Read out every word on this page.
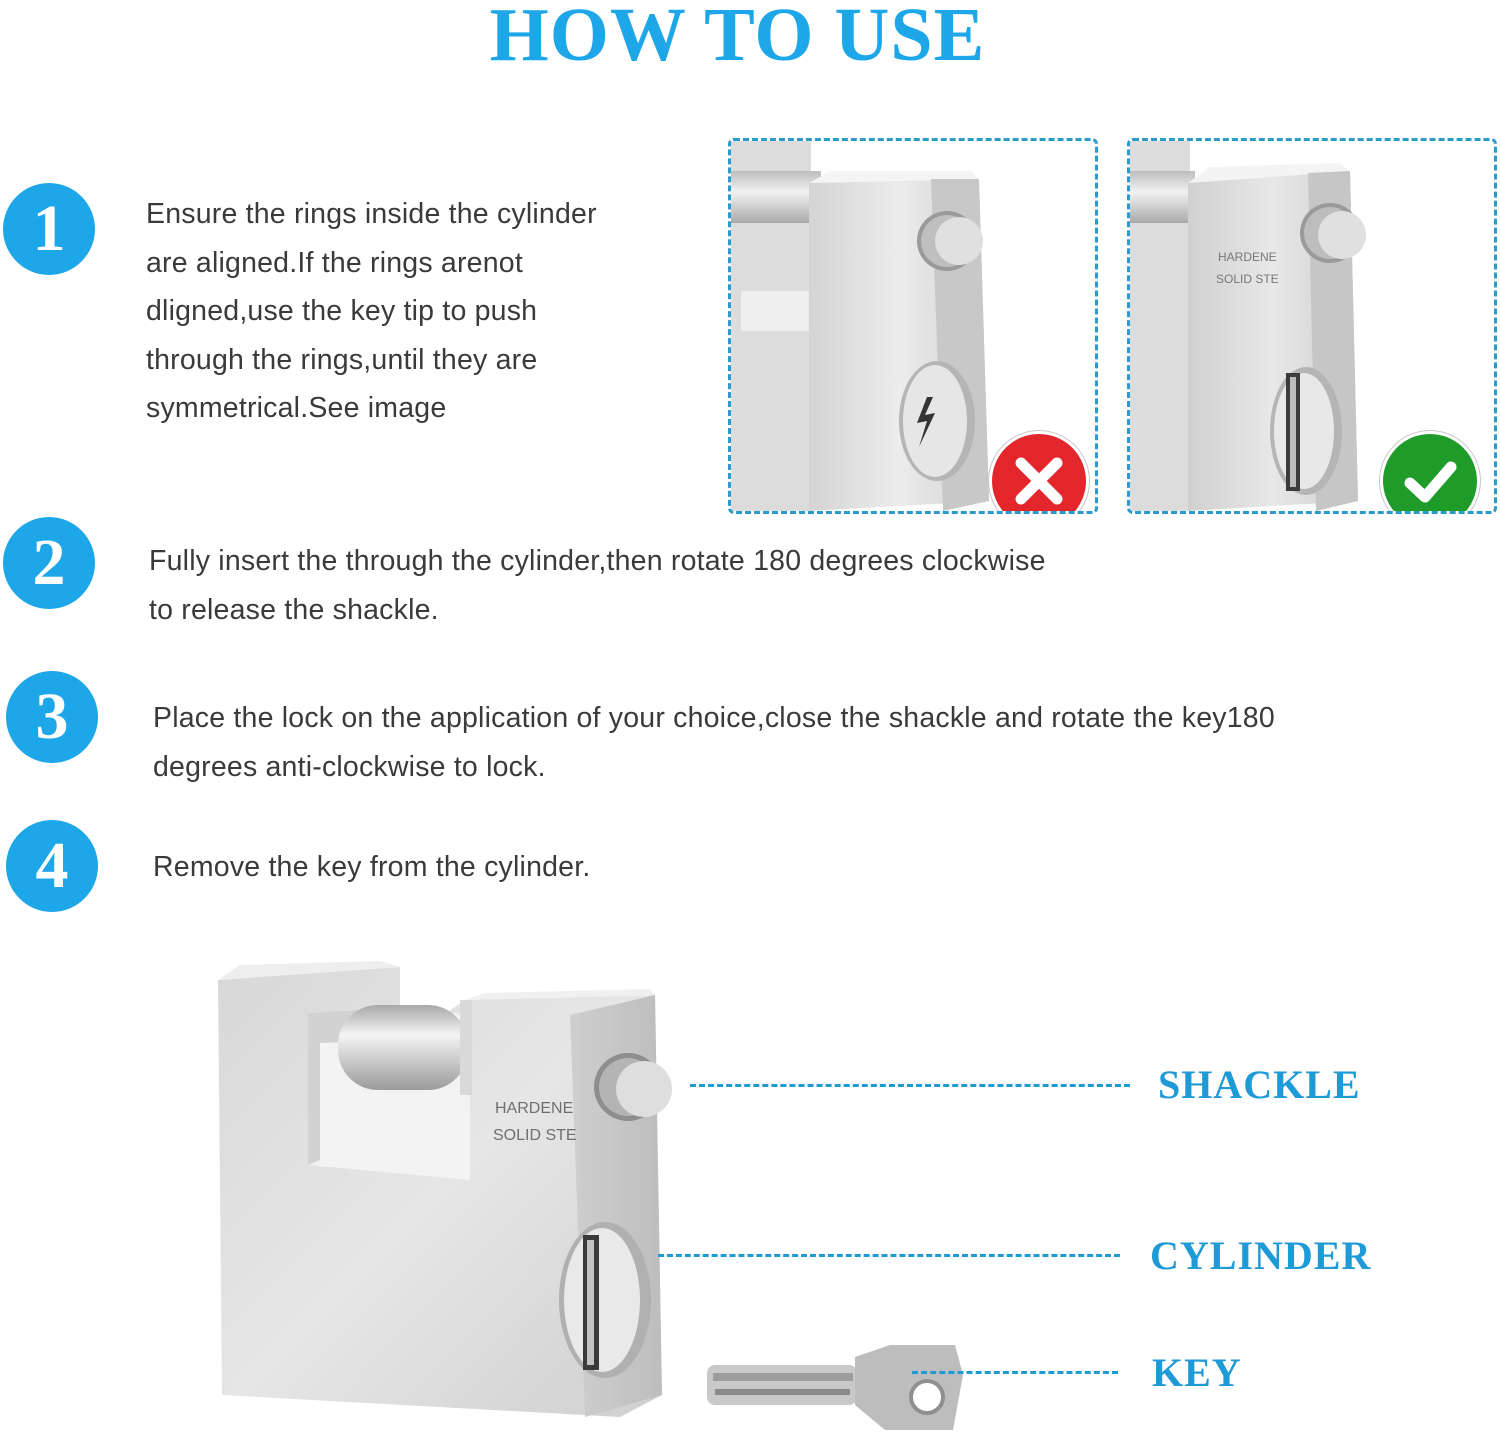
HOW TO USE
1	Ensure the rings inside the cylinder
are aligned.If the rings arenot
dligned,use the key tip to push
through the rings,until they are
symmetrical.See image
HARDENE
SOLID STE
2	Fully insert the through the cylinder,then rotate 180 degrees clockwise
to release the shackle.
3	Place the lock on the application of your choice,close the shackle and rotate the key180
degrees anti-clockwise to lock.
4	Remove the key from the cylinder.
HARDENE
SOLID STE
SHACKLE
CYLINDER
KEY
